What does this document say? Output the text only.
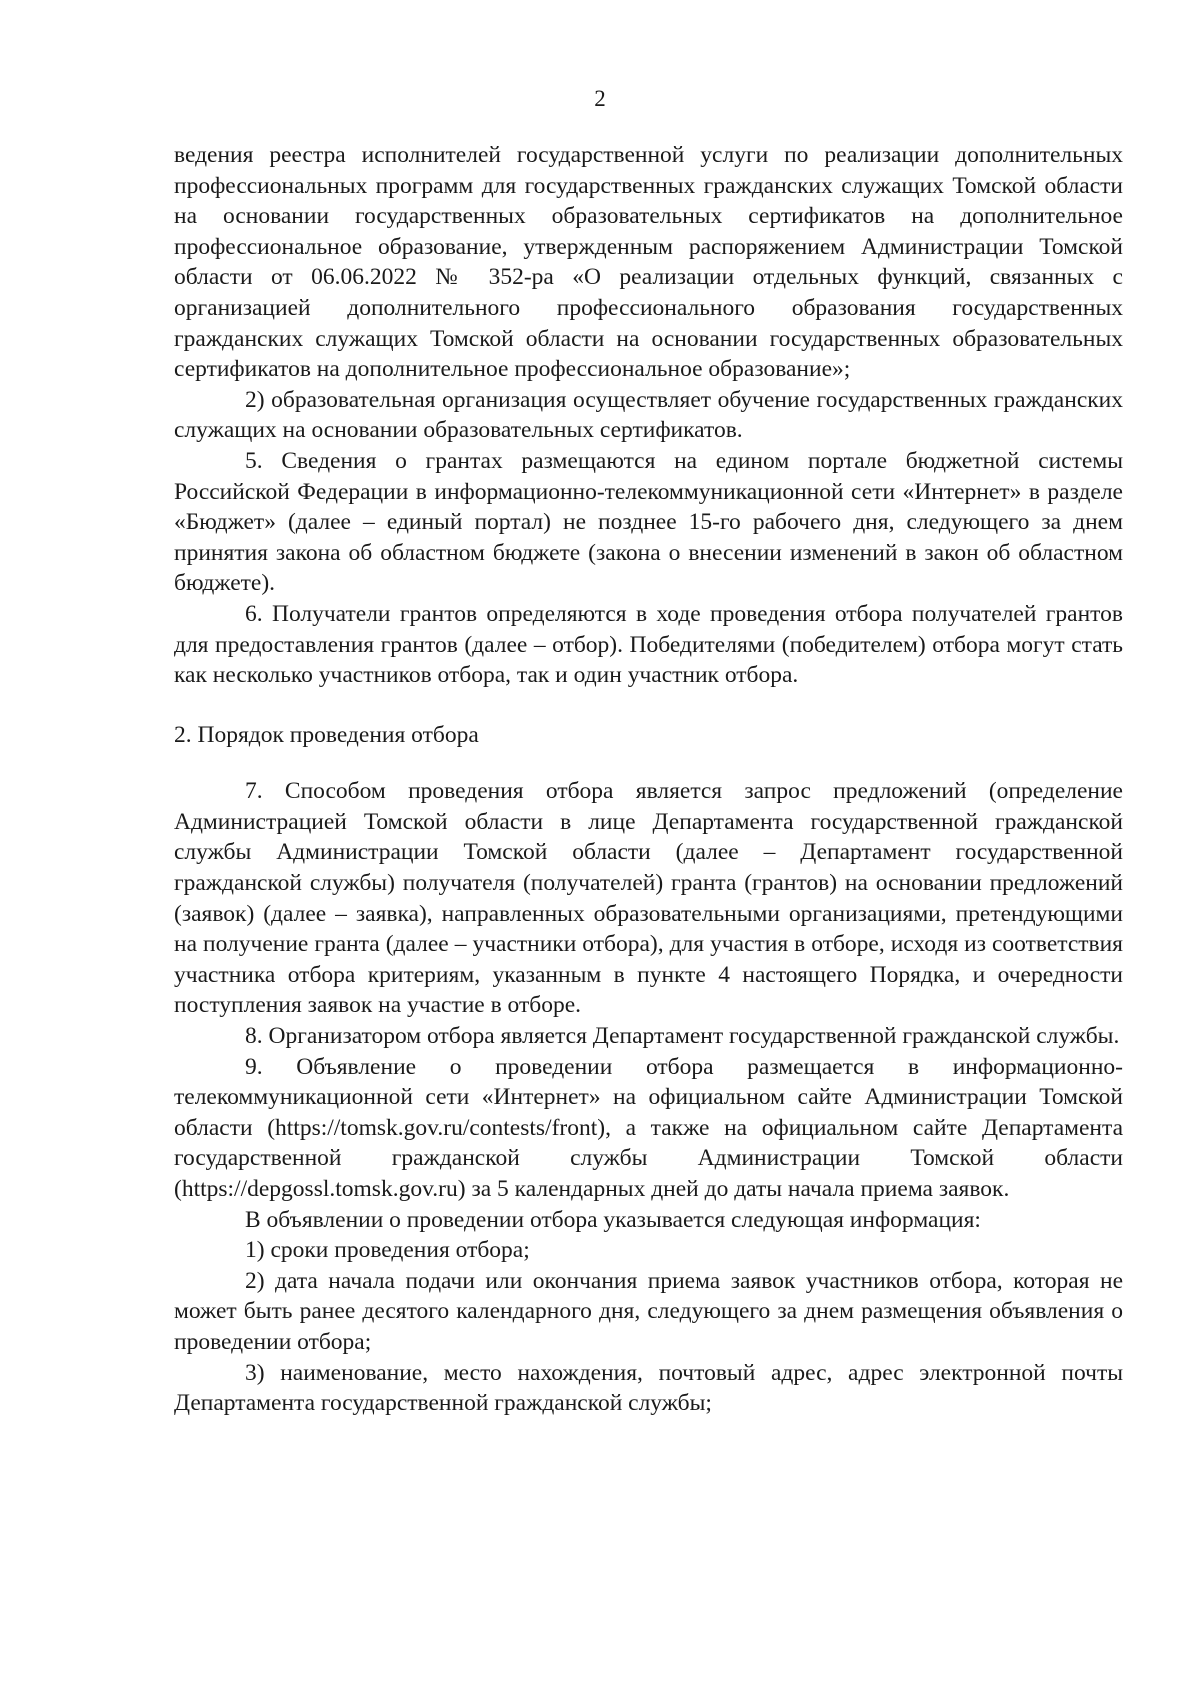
2

ведения реестра исполнителей государственной услуги по реализации дополнительных профессиональных программ для государственных гражданских служащих Томской области на основании государственных образовательных сертификатов на дополнительное профессиональное образование, утвержденным распоряжением Администрации Томской области от 06.06.2022 № 352-ра «О реализации отдельных функций, связанных с организацией дополнительного профессионального образования государственных гражданских служащих Томской области на основании государственных образовательных сертификатов на дополнительное профессиональное образование»;

2) образовательная организация осуществляет обучение государственных гражданских служащих на основании образовательных сертификатов.

5. Сведения о грантах размещаются на едином портале бюджетной системы Российской Федерации в информационно-телекоммуникационной сети «Интернет» в разделе «Бюджет» (далее – единый портал) не позднее 15-го рабочего дня, следующего за днем принятия закона об областном бюджете (закона о внесении изменений в закон об областном бюджете).

6. Получатели грантов определяются в ходе проведения отбора получателей грантов для предоставления грантов (далее – отбор). Победителями (победителем) отбора могут стать как несколько участников отбора, так и один участник отбора.

2. Порядок проведения отбора

7. Способом проведения отбора является запрос предложений (определение Администрацией Томской области в лице Департамента государственной гражданской службы Администрации Томской области (далее – Департамент государственной гражданской службы) получателя (получателей) гранта (грантов) на основании предложений (заявок) (далее – заявка), направленных образовательными организациями, претендующими на получение гранта (далее – участники отбора), для участия в отборе, исходя из соответствия участника отбора критериям, указанным в пункте 4 настоящего Порядка, и очередности поступления заявок на участие в отборе.

8. Организатором отбора является Департамент государственной гражданской службы.

9. Объявление о проведении отбора размещается в информационно-телекоммуникационной сети «Интернет» на официальном сайте Администрации Томской области (https://tomsk.gov.ru/contests/front), а также на официальном сайте Департамента государственной гражданской службы Администрации Томской области (https://depgossl.tomsk.gov.ru) за 5 календарных дней до даты начала приема заявок.

В объявлении о проведении отбора указывается следующая информация:

1) сроки проведения отбора;

2) дата начала подачи или окончания приема заявок участников отбора, которая не может быть ранее десятого календарного дня, следующего за днем размещения объявления о проведении отбора;

3) наименование, место нахождения, почтовый адрес, адрес электронной почты Департамента государственной гражданской службы;
